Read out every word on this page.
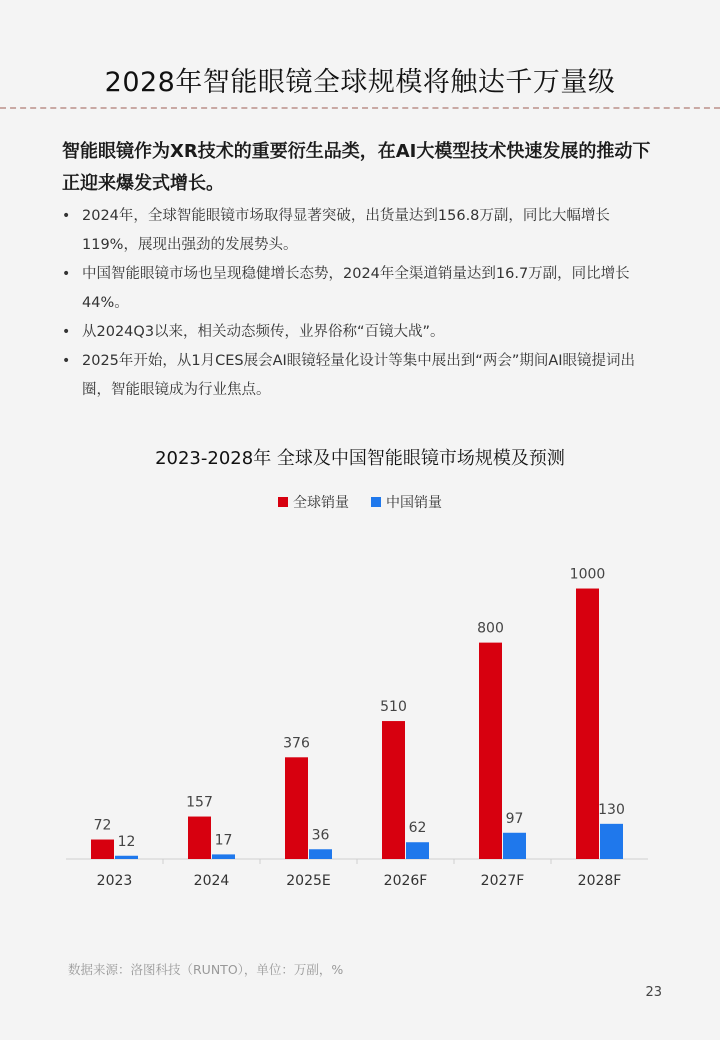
2028年智能眼镜全球规模将触达千万量级
智能眼镜作为XR技术的重要衍生品类，在AI大模型技术快速发展的推动下正迎来爆发式增长。
• 2024年，全球智能眼镜市场取得显著突破，出货量达到156.8万副，同比大幅增长119%，展现出强劲的发展势头。
• 中国智能眼镜市场也呈现稳健增长态势，2024年全渠道销量达到16.7万副，同比增长44%。
• 从2024Q3以来，相关动态频传，业界俗称“百镜大战”。
• 2025年开始，从1月CES展会AI眼镜轻量化设计等集中展出到“两会”期间AI眼镜提词出圈，智能眼镜成为行业焦点。
2023-2028年 全球及中国智能眼镜市场规模及预测
全球销量	中国销量
72
12
2023
157
17
2024
376
36
2025E
510
62
2026F
800
97
2027F
1000
130
2028F
数据来源：洛图科技（RUNTO），单位：万副，%
23
